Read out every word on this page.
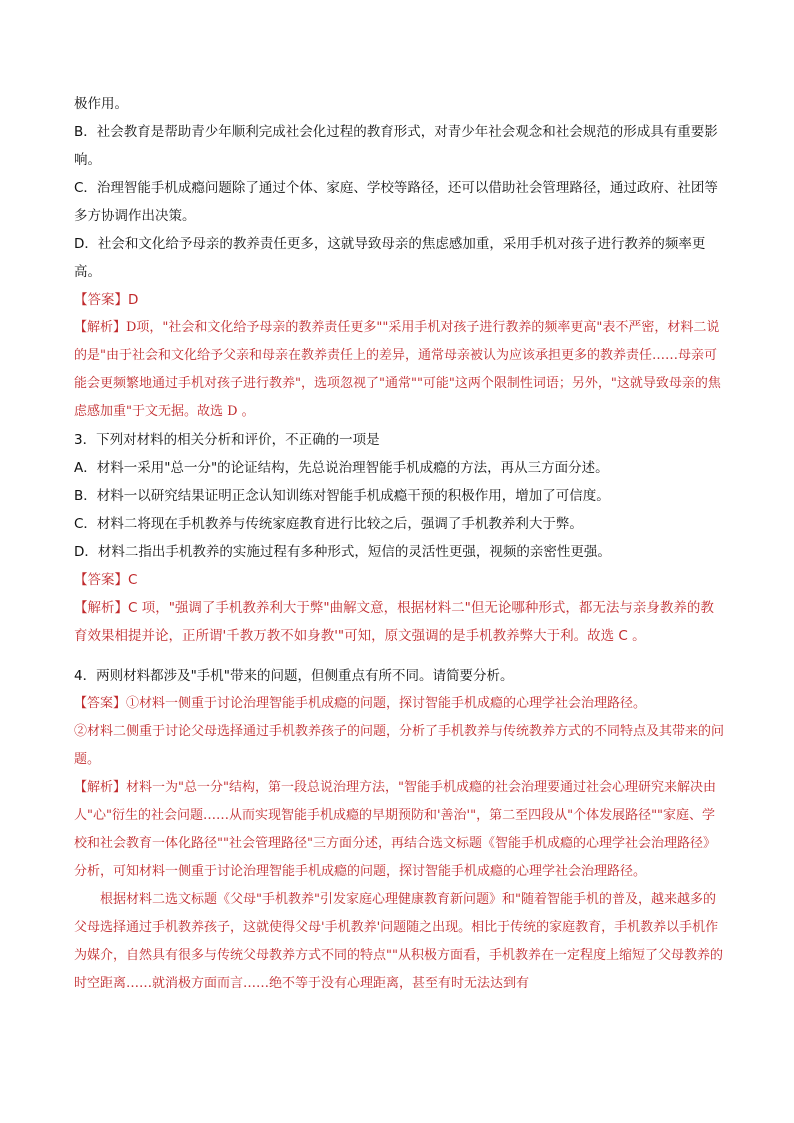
极作用。

B．社会教育是帮助青少年顺利完成社会化过程的教育形式，对青少年社会观念和社会规范的形成具有重要影响。

C．治理智能手机成瘾问题除了通过个体、家庭、学校等路径，还可以借助社会管理路径，通过政府、社团等多方协调作出决策。

D．社会和文化给予母亲的教养责任更多，这就导致母亲的焦虑感加重，采用手机对孩子进行教养的频率更高。

【答案】D

【解析】D项，"社会和文化给予母亲的教养责任更多""采用手机对孩子进行教养的频率更高"表不严密，材料二说的是"由于社会和文化给予父亲和母亲在教养责任上的差异，通常母亲被认为应该承担更多的教养责任……母亲可能会更频繁地通过手机对孩子进行教养"，选项忽视了"通常""可能"这两个限制性词语；另外，"这就导致母亲的焦虑感加重"于文无据。故选 D 。

3．下列对材料的相关分析和评价，不正确的一项是

A．材料一采用"总一分"的论证结构，先总说治理智能手机成瘾的方法，再从三方面分述。

B．材料一以研究结果证明正念认知训练对智能手机成瘾干预的积极作用，增加了可信度。

C．材料二将现在手机教养与传统家庭教育进行比较之后，强调了手机教养利大于弊。

D．材料二指出手机教养的实施过程有多种形式，短信的灵活性更强，视频的亲密性更强。

【答案】C

【解析】C 项，"强调了手机教养利大于弊"曲解文意，根据材料二"但无论哪种形式，都无法与亲身教养的教育效果相提并论，正所谓'千教万教不如身教'"可知，原文强调的是手机教养弊大于利。故选 C 。

4．两则材料都涉及"手机"带来的问题，但侧重点有所不同。请简要分析。

【答案】①材料一侧重于讨论治理智能手机成瘾的问题，探讨智能手机成瘾的心理学社会治理路径。

②材料二侧重于讨论父母选择通过手机教养孩子的问题，分析了手机教养与传统教养方式的不同特点及其带来的问题。

【解析】材料一为"总一分"结构，第一段总说治理方法，"智能手机成瘾的社会治理要通过社会心理研究来解决由人"心"衍生的社会问题……从而实现智能手机成瘾的早期预防和'善治'"，第二至四段从"个体发展路径""家庭、学校和社会教育一体化路径""社会管理路径"三方面分述，再结合选文标题《智能手机成瘾的心理学社会治理路径》分析，可知材料一侧重于讨论治理智能手机成瘾的问题，探讨智能手机成瘾的心理学社会治理路径。

根据材料二选文标题《父母"手机教养"引发家庭心理健康教育新问题》和"随着智能手机的普及，越来越多的父母选择通过手机教养孩子，这就使得父母'手机教养'问题随之出现。相比于传统的家庭教育，手机教养以手机作为媒介，自然具有很多与传统父母教养方式不同的特点""从积极方面看，手机教养在一定程度上缩短了父母教养的时空距离……就消极方面而言……绝不等于没有心理距离，甚至有时无法达到有
